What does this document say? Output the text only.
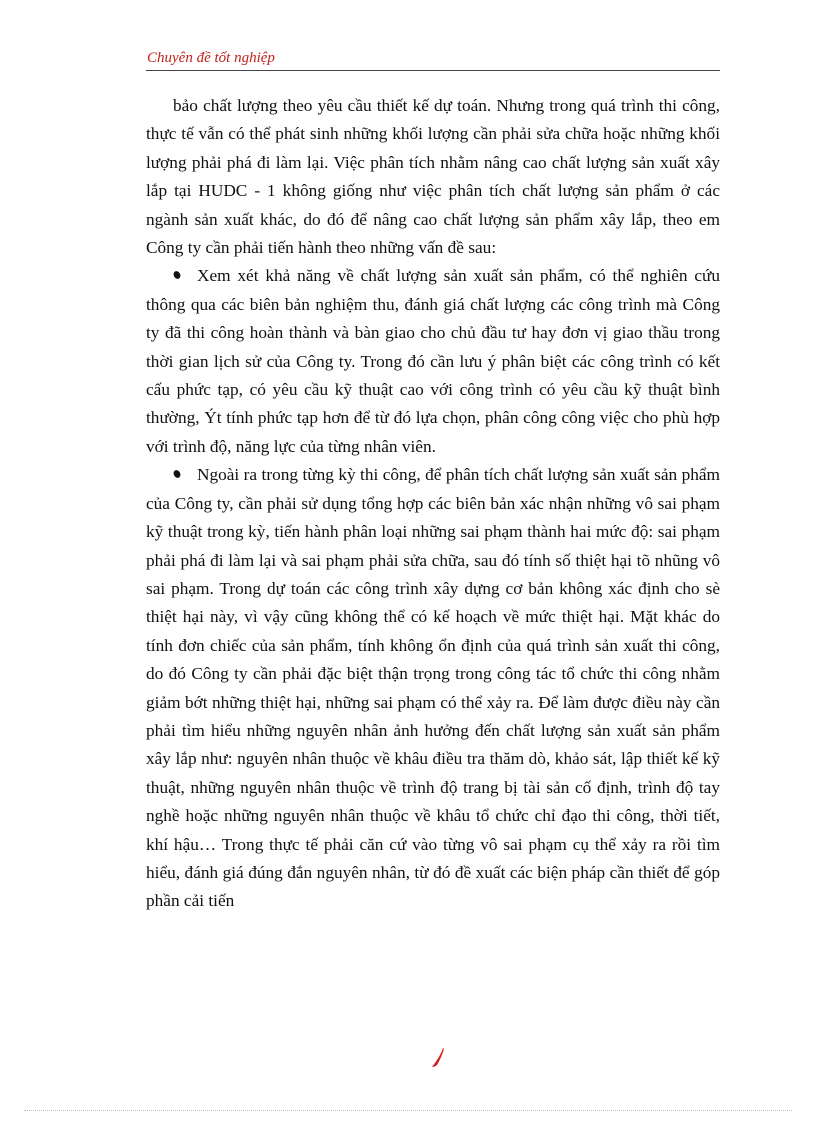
Chuyên đề tốt nghiệp

bảo chất lượng theo yêu cầu thiết kế dự toán. Nhưng trong quá trình thi công, thực tế vẫn có thể phát sinh những khối lượng cần phải sửa chữa hoặc những khối lượng phải phá đi làm lại. Việc phân tích nhằm nâng cao chất lượng sản xuất xây lắp tại HUDC - 1 không giống như việc phân tích chất lượng sản phẩm ở các ngành sản xuất khác, do đó để nâng cao chất lượng sản phẩm xây lắp, theo em Công ty cần phải tiến hành theo những vấn đề sau:

Xem xét khả năng về chất lượng sản xuất sản phẩm, có thể nghiên cứu thông qua các biên bản nghiệm thu, đánh giá chất lượng các công trình mà Công ty đã thi công hoàn thành và bàn giao cho chủ đầu tư hay đơn vị giao thầu trong thời gian lịch sử của Công ty. Trong đó cần lưu ý phân biệt các công trình có kết cấu phức tạp, có yêu cầu kỹ thuật cao với công trình có yêu cầu kỹ thuật bình thường, Ýt tính phức tạp hơn để từ đó lựa chọn, phân công công việc cho phù hợp với trình độ, năng lực của từng nhân viên.

Ngoài ra trong từng kỳ thi công, để phân tích chất lượng sản xuất sản phẩm của Công ty, cần phải sử dụng tổng hợp các biên bản xác nhận những vô sai phạm kỹ thuật trong kỳ, tiến hành phân loại những sai phạm thành hai mức độ: sai phạm phải phá đi làm lại và sai phạm phải sửa chữa, sau đó tính số thiệt hại tõ nhũng vô sai phạm. Trong dự toán các công trình xây dựng cơ bản không xác định cho sè thiệt hại này, vì vậy cũng không thể có kế hoạch về mức thiệt hại. Mặt khác do tính đơn chiếc của sản phẩm, tính không ổn định của quá trình sản xuất thi công, do đó Công ty cần phải đặc biệt thận trọng trong công tác tổ chức thi công nhằm giảm bớt những thiệt hại, những sai phạm có thể xảy ra. Để làm được điều này cần phải tìm hiểu những nguyên nhân ảnh hưởng đến chất lượng sản xuất sản phẩm xây lắp như: nguyên nhân thuộc về khâu điều tra thăm dò, khảo sát, lập thiết kế kỹ thuật, những nguyên nhân thuộc về trình độ trang bị tài sản cố định, trình độ tay nghề hoặc những nguyên nhân thuộc về khâu tổ chức chỉ đạo thi công, thời tiết, khí hậu… Trong thực tế phải căn cứ vào từng vô sai phạm cụ thể xảy ra rồi tìm hiểu, đánh giá đúng đắn nguyên nhân, từ đó đề xuất các biện pháp cần thiết để góp phần cải tiến
